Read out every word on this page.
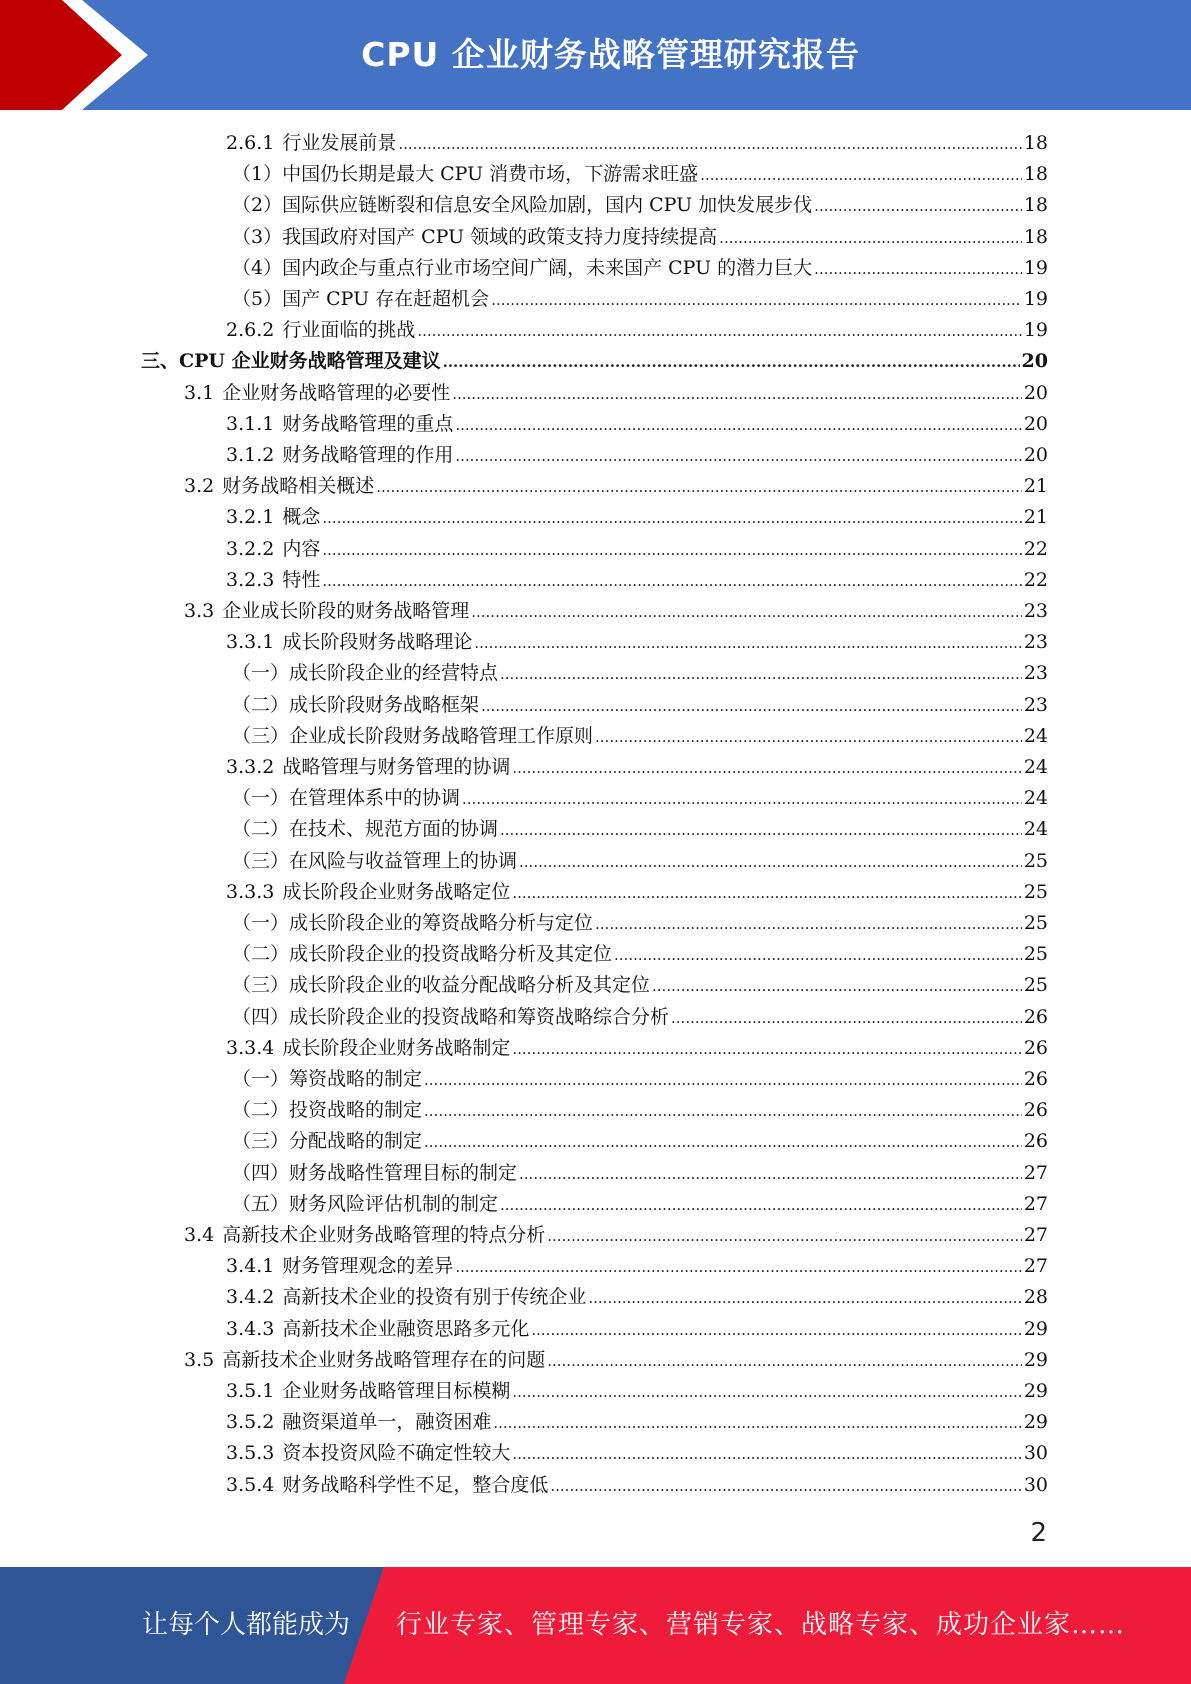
CPU 企业财务战略管理研究报告
2.6.1 行业发展前景 .....	18
（1）中国仍长期是最大 CPU 消费市场，下游需求旺盛 .....	18
（2）国际供应链断裂和信息安全风险加剧，国内 CPU 加快发展步伐 .....	18
（3）我国政府对国产 CPU 领域的政策支持力度持续提高 .....	18
（4）国内政企与重点行业市场空间广阔，未来国产 CPU 的潜力巨大 .....	19
（5）国产 CPU 存在赶超机会 .....	19
2.6.2 行业面临的挑战 .....	19
三、CPU 企业财务战略管理及建议 .....	20
3.1 企业财务战略管理的必要性 .....	20
3.1.1 财务战略管理的重点 .....	20
3.1.2 财务战略管理的作用 .....	20
3.2 财务战略相关概述 .....	21
3.2.1 概念 .....	21
3.2.2 内容 .....	22
3.2.3 特性 .....	22
3.3 企业成长阶段的财务战略管理 .....	23
3.3.1 成长阶段财务战略理论 .....	23
（一）成长阶段企业的经营特点 .....	23
（二）成长阶段财务战略框架 .....	23
（三）企业成长阶段财务战略管理工作原则 .....	24
3.3.2 战略管理与财务管理的协调 .....	24
（一）在管理体系中的协调 .....	24
（二）在技术、规范方面的协调 .....	24
（三）在风险与收益管理上的协调 .....	25
3.3.3 成长阶段企业财务战略定位 .....	25
（一）成长阶段企业的筹资战略分析与定位 .....	25
（二）成长阶段企业的投资战略分析及其定位 .....	25
（三）成长阶段企业的收益分配战略分析及其定位 .....	25
（四）成长阶段企业的投资战略和筹资战略综合分析 .....	26
3.3.4 成长阶段企业财务战略制定 .....	26
（一）筹资战略的制定 .....	26
（二）投资战略的制定 .....	26
（三）分配战略的制定 .....	26
（四）财务战略性管理目标的制定 .....	27
（五）财务风险评估机制的制定 .....	27
3.4 高新技术企业财务战略管理的特点分析 .....	27
3.4.1 财务管理观念的差异 .....	27
3.4.2 高新技术企业的投资有别于传统企业 .....	28
3.4.3 高新技术企业融资思路多元化 .....	29
3.5 高新技术企业财务战略管理存在的问题 .....	29
3.5.1 企业财务战略管理目标模糊 .....	29
3.5.2 融资渠道单一，融资困难 .....	29
3.5.3 资本投资风险不确定性较大 .....	30
3.5.4 财务战略科学性不足，整合度低 .....	30
2
让每个人都能成为 行业专家、管理专家、营销专家、战略专家、成功企业家……
